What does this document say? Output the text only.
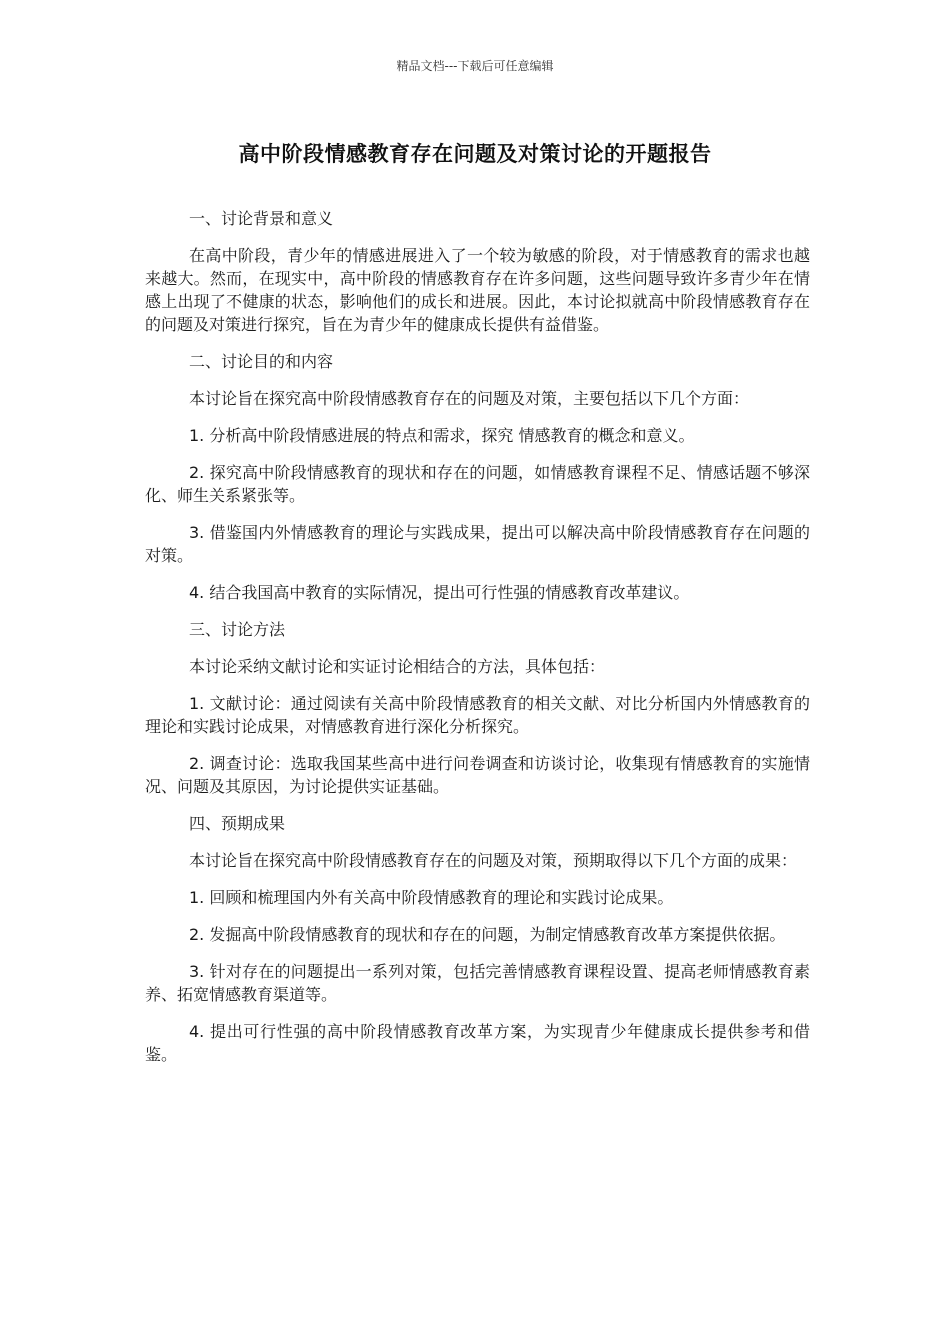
精品文档---下载后可任意编辑
高中阶段情感教育存在问题及对策讨论的开题报告

一、讨论背景和意义

在高中阶段，青少年的情感进展进入了一个较为敏感的阶段，对于情感教育的需求也越来越大。然而，在现实中，高中阶段的情感教育存在许多问题，这些问题导致许多青少年在情感上出现了不健康的状态，影响他们的成长和进展。因此，本讨论拟就高中阶段情感教育存在的问题及对策进行探究，旨在为青少年的健康成长提供有益借鉴。

二、讨论目的和内容

本讨论旨在探究高中阶段情感教育存在的问题及对策，主要包括以下几个方面：

1. 分析高中阶段情感进展的特点和需求，探究 情感教育的概念和意义。

2. 探究高中阶段情感教育的现状和存在的问题，如情感教育课程不足、情感话题不够深化、师生关系紧张等。

3. 借鉴国内外情感教育的理论与实践成果，提出可以解决高中阶段情感教育存在问题的对策。

4. 结合我国高中教育的实际情况，提出可行性强的情感教育改革建议。

三、讨论方法

本讨论采纳文献讨论和实证讨论相结合的方法，具体包括：

1. 文献讨论：通过阅读有关高中阶段情感教育的相关文献、对比分析国内外情感教育的理论和实践讨论成果，对情感教育进行深化分析探究。

2. 调查讨论：选取我国某些高中进行问卷调查和访谈讨论，收集现有情感教育的实施情况、问题及其原因，为讨论提供实证基础。

四、预期成果

本讨论旨在探究高中阶段情感教育存在的问题及对策，预期取得以下几个方面的成果：

1. 回顾和梳理国内外有关高中阶段情感教育的理论和实践讨论成果。

2. 发掘高中阶段情感教育的现状和存在的问题，为制定情感教育改革方案提供依据。

3. 针对存在的问题提出一系列对策，包括完善情感教育课程设置、提高老师情感教育素养、拓宽情感教育渠道等。

4. 提出可行性强的高中阶段情感教育改革方案，为实现青少年健康成长提供参考和借鉴。
